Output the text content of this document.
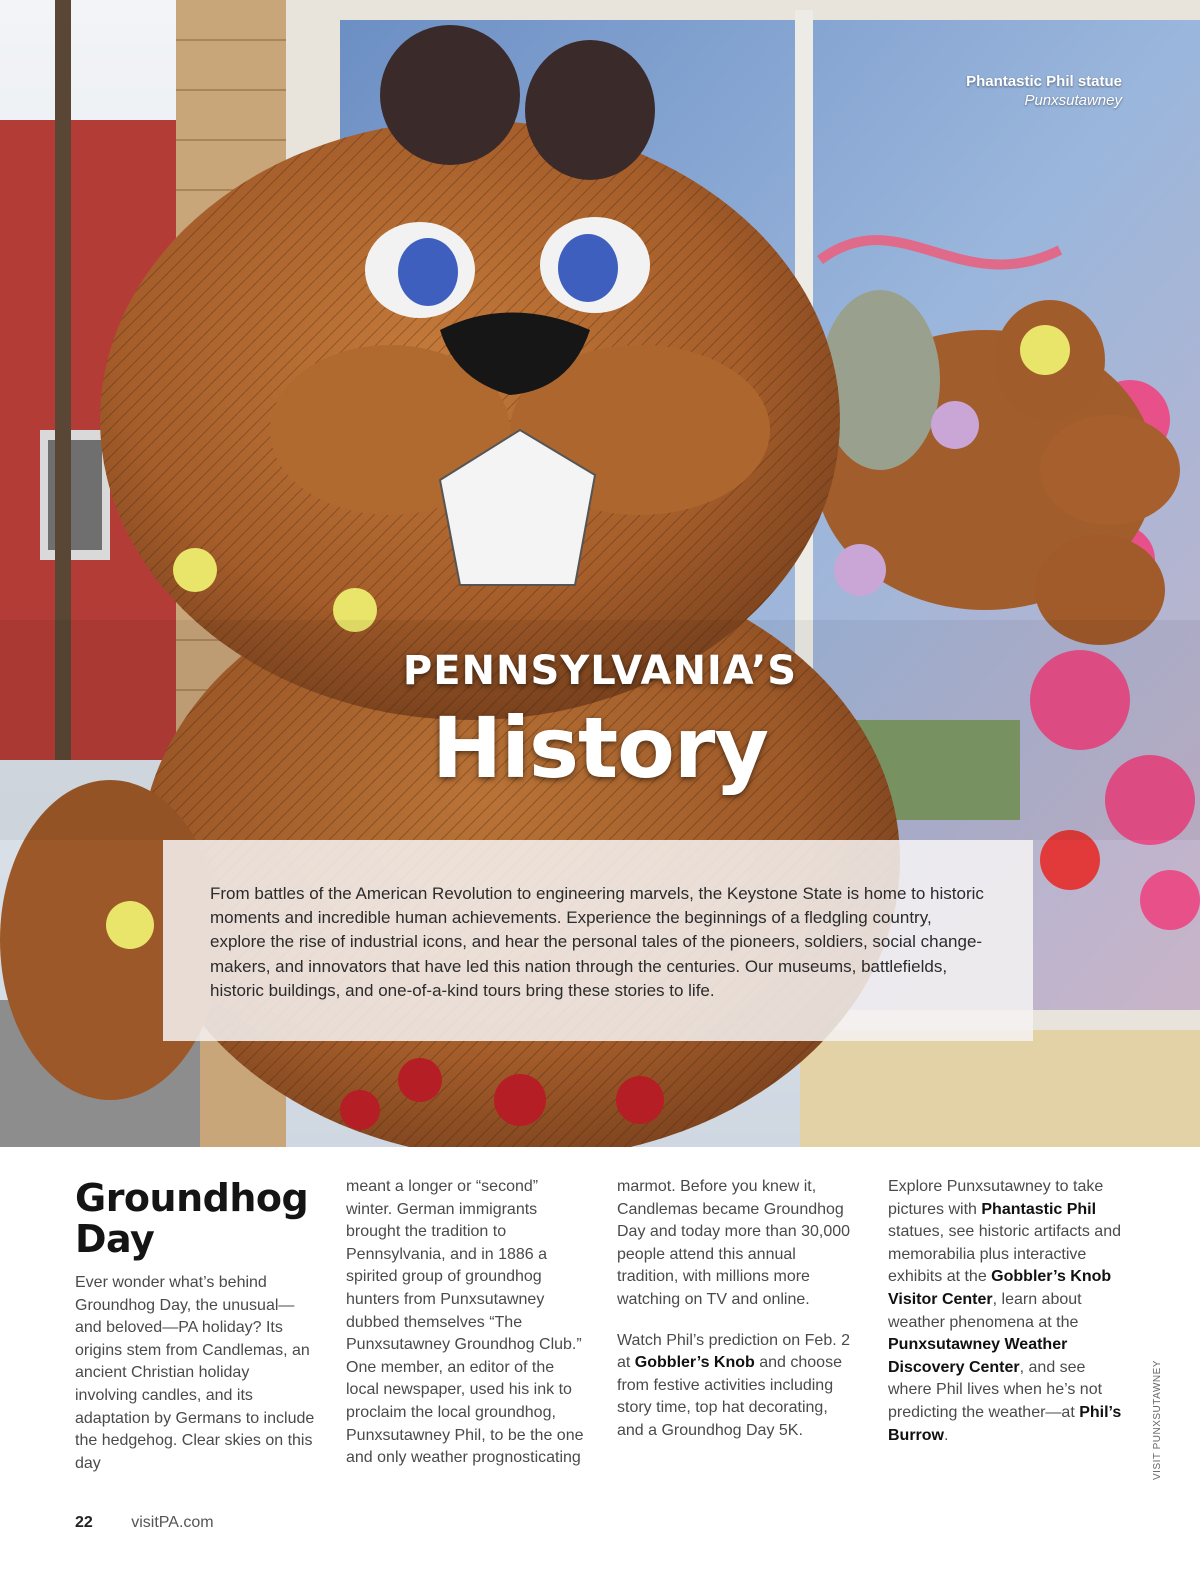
Phantastic Phil statue
Punxsutawney
PENNSYLVANIA’S
History

From battles of the American Revolution to engineering marvels, the Keystone State is home to historic moments and incredible human achievements. Experience the beginnings of a fledgling country, explore the rise of industrial icons, and hear the personal tales of the pioneers, soldiers, social change-makers, and innovators that have led this nation through the centuries. Our museums, battlefields, historic buildings, and one-of-a-kind tours bring these stories to life.

Groundhog Day

Ever wonder what’s behind Groundhog Day, the unusual—and beloved—PA holiday? Its origins stem from Candlemas, an ancient Christian holiday involving candles, and its adaptation by Germans to include the hedgehog. Clear skies on this day

meant a longer or “second” winter. German immigrants brought the tradition to Pennsylvania, and in 1886 a spirited group of groundhog hunters from Punxsutawney dubbed themselves “The Punxsutawney Groundhog Club.” One member, an editor of the local newspaper, used his ink to proclaim the local groundhog, Punxsutawney Phil, to be the one and only weather prognosticating

marmot. Before you knew it, Candlemas became Groundhog Day and today more than 30,000 people attend this annual tradition, with millions more watching on TV and online.

Watch Phil’s prediction on Feb. 2 at Gobbler’s Knob and choose from festive activities including story time, top hat decorating, and a Groundhog Day 5K.

Explore Punxsutawney to take pictures with Phantastic Phil statues, see historic artifacts and memorabilia plus interactive exhibits at the Gobbler’s Knob Visitor Center, learn about weather phenomena at the Punxsutawney Weather Discovery Center, and see where Phil lives when he’s not predicting the weather—at Phil’s Burrow.	VISIT PUNXSUTAWNEY
22 visitPA.com
